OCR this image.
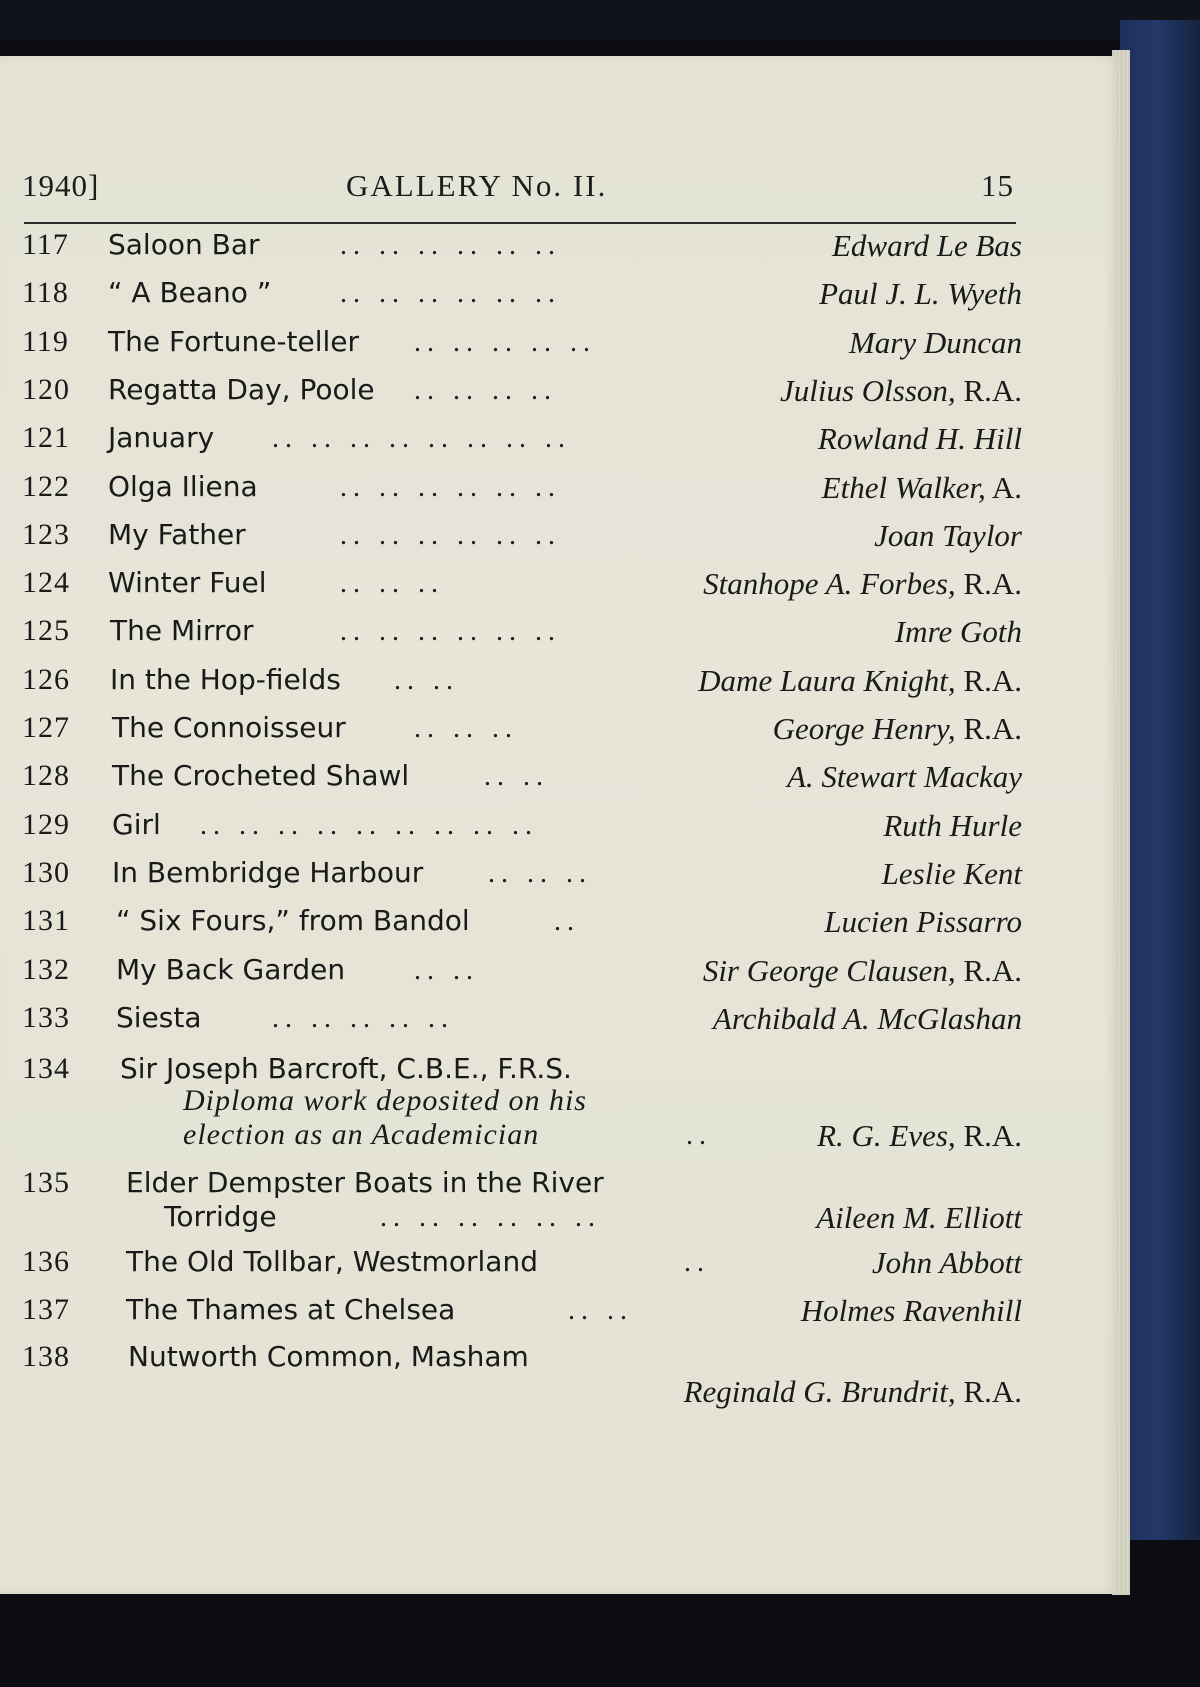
1940]	GALLERY No. II.	15
117 Saloon Bar	.. .. .. .. .. ..	Edward Le Bas
118 “ A Beano ” .. .. .. .. .. ..	Paul J. L. Wyeth
119 The Fortune-teller .. .. .. .. ..	Mary Duncan
120 Regatta Day, Poole .. .. .. ..	Julius Olsson, R.A.
121 January .. .. .. .. .. .. .. ..	Rowland H. Hill
122 Olga Iliena	.. .. .. .. .. ..	Ethel Walker, A.
123 My Father	.. .. .. .. .. ..	Joan Taylor
124 Winter Fuel	.. .. ..	Stanhope A. Forbes, R.A.
125 The Mirror	.. .. .. .. .. ..	Imre Goth
126 In the Hop-fields .. ..	Dame Laura Knight, R.A.
127 The Connoisseur .. .. ..	George Henry, R.A.
128 The Crocheted Shawl	.. ..	A. Stewart Mackay
129 Girl .. .. .. .. .. .. .. .. ..	Ruth Hurle
130 In Bembridge Harbour .. .. ..	Leslie Kent
131 “ Six Fours,” from Bandol	..	Lucien Pissarro
132 My Back Garden .. ..	Sir George Clausen, R.A.
133 Siesta	.. .. .. .. ..	Archibald A. McGlashan
134 Sir Joseph Barcroft, C.B.E., F.R.S.
Diploma work deposited on his
election as an Academician	..	R. G. Eves, R.A.
135 Elder Dempster Boats in the River
Torridge	.. .. .. .. .. ..	Aileen M. Elliott
136 The Old Tollbar, Westmorland	..	John Abbott
137 The Thames at Chelsea	.. ..	Holmes Ravenhill
138 Nutworth Common, Masham
Reginald G. Brundrit, R.A.
